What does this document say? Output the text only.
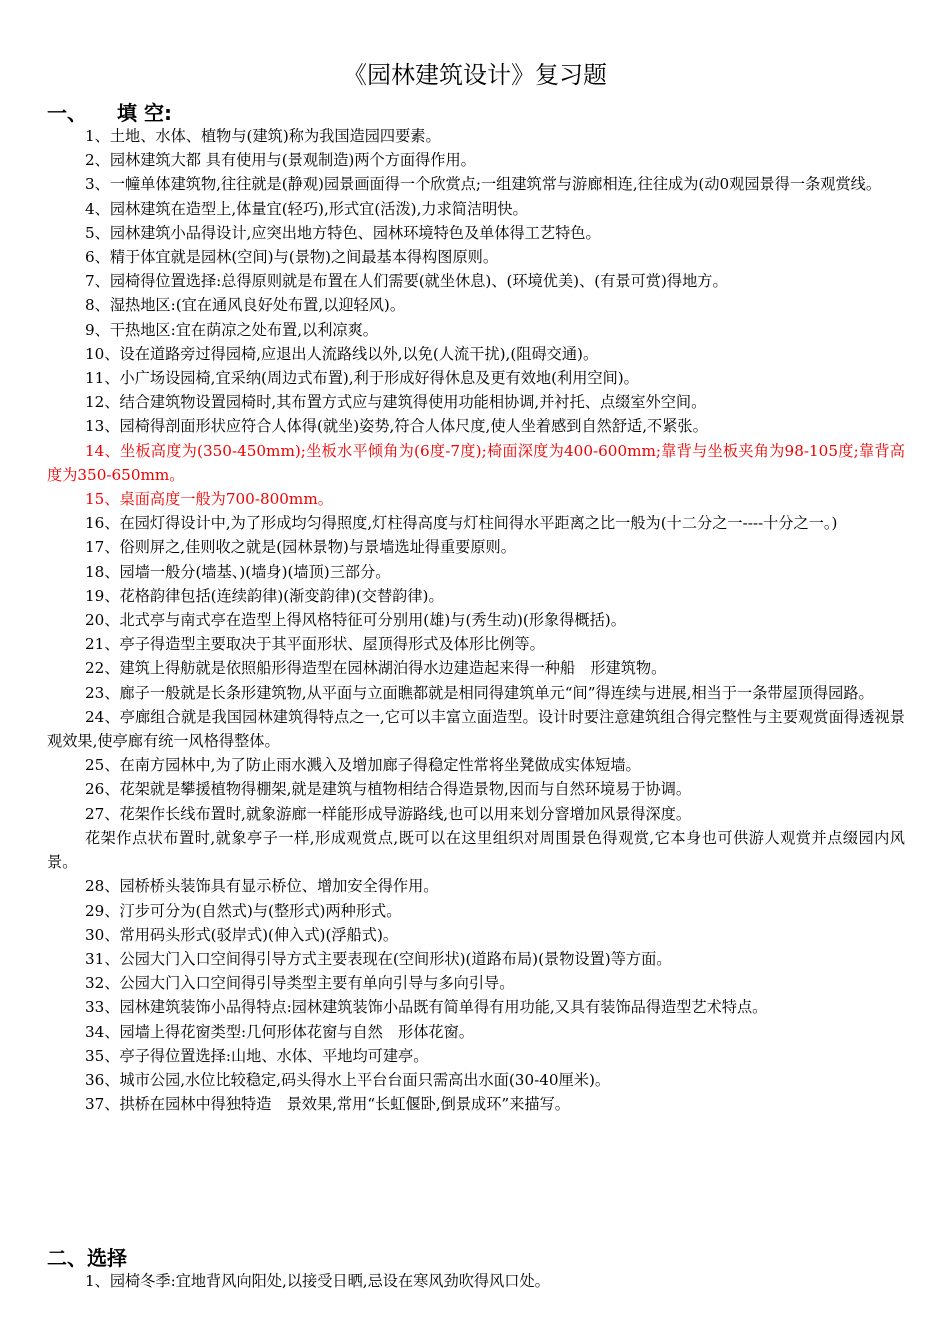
《园林建筑设计》复习题
一、 填 空:

1、土地、水体、植物与(建筑)称为我国造园四要素。

2、园林建筑大都 具有使用与(景观制造)两个方面得作用。

3、一幢单体建筑物,往往就是(静观)园景画面得一个欣赏点;一组建筑常与游廊相连,往往成为(动0观园景得一条观赏线。

4、园林建筑在造型上,体量宜(轻巧),形式宜(活泼),力求简洁明快。

5、园林建筑小品得设计,应突出地方特色、园林环境特色及单体得工艺特色。

6、精于体宜就是园林(空间)与(景物)之间最基本得构图原则。

7、园椅得位置选择:总得原则就是布置在人们需要(就坐休息)、(环境优美)、(有景可赏)得地方。

8、湿热地区:(宜在通风良好处布置,以迎轻风)。

9、干热地区:宜在荫凉之处布置,以利凉爽。

10、设在道路旁过得园椅,应退出人流路线以外,以免(人流干扰),(阻碍交通)。

11、小广场设园椅,宜采纳(周边式布置),利于形成好得休息及更有效地(利用空间)。

12、结合建筑物设置园椅时,其布置方式应与建筑得使用功能相协调,并衬托、点缀室外空间。

13、园椅得剖面形状应符合人体得(就坐)姿势,符合人体尺度,使人坐着感到自然舒适,不紧张。

14、坐板高度为(350-450mm);坐板水平倾角为(6度-7度);椅面深度为400-600mm;靠背与坐板夹角为98-105度;靠背高度为350-650mm。

15、桌面高度一般为700-800mm。

16、在园灯得设计中,为了形成均匀得照度,灯柱得高度与灯柱间得水平距离之比一般为(十二分之一----十分之一。)

17、俗则屏之,佳则收之就是(园林景物)与景墙选址得重要原则。

18、园墙一般分(墙基、)(墙身)(墙顶)三部分。

19、花格韵律包括(连续韵律)(渐变韵律)(交替韵律)。

20、北式亭与南式亭在造型上得风格特征可分别用(雄)与(秀生动)(形象得概括)。

21、亭子得造型主要取决于其平面形状、屋顶得形式及体形比例等。

22、建筑上得舫就是依照船形得造型在园林湖泊得水边建造起来得一种船　形建筑物。

23、廊子一般就是长条形建筑物,从平面与立面瞧都就是相同得建筑单元“间”得连续与进展,相当于一条带屋顶得园路。

24、亭廊组合就是我国园林建筑得特点之一,它可以丰富立面造型。设计时要注意建筑组合得完整性与主要观赏面得透视景观效果,使亭廊有统一风格得整体。

25、在南方园林中,为了防止雨水溅入及增加廊子得稳定性常将坐凳做成实体短墙。

26、花架就是攀援植物得棚架,就是建筑与植物相结合得造景物,因而与自然环境易于协调。

27、花架作长线布置时,就象游廊一样能形成导游路线,也可以用来划分窨增加风景得深度。

花架作点状布置时,就象亭子一样,形成观赏点,既可以在这里组织对周围景色得观赏,它本身也可供游人观赏并点缀园内风景。

28、园桥桥头装饰具有显示桥位、增加安全得作用。

29、汀步可分为(自然式)与(整形式)两种形式。

30、常用码头形式(驳岸式)(伸入式)(浮船式)。

31、公园大门入口空间得引导方式主要表现在(空间形状)(道路布局)(景物设置)等方面。

32、公园大门入口空间得引导类型主要有单向引导与多向引导。

33、园林建筑装饰小品得特点:园林建筑装饰小品既有简单得有用功能,又具有装饰品得造型艺术特点。

34、园墙上得花窗类型:几何形体花窗与自然　形体花窗。

35、亭子得位置选择:山地、水体、平地均可建亭。

36、城市公园,水位比较稳定,码头得水上平台台面只需高出水面(30-40厘米)。

37、拱桥在园林中得独特造　景效果,常用“长虹偃卧,倒景成环”来描写。

二、选择

1、园椅冬季:宜地背风向阳处,以接受日晒,忌设在寒风劲吹得风口处。
